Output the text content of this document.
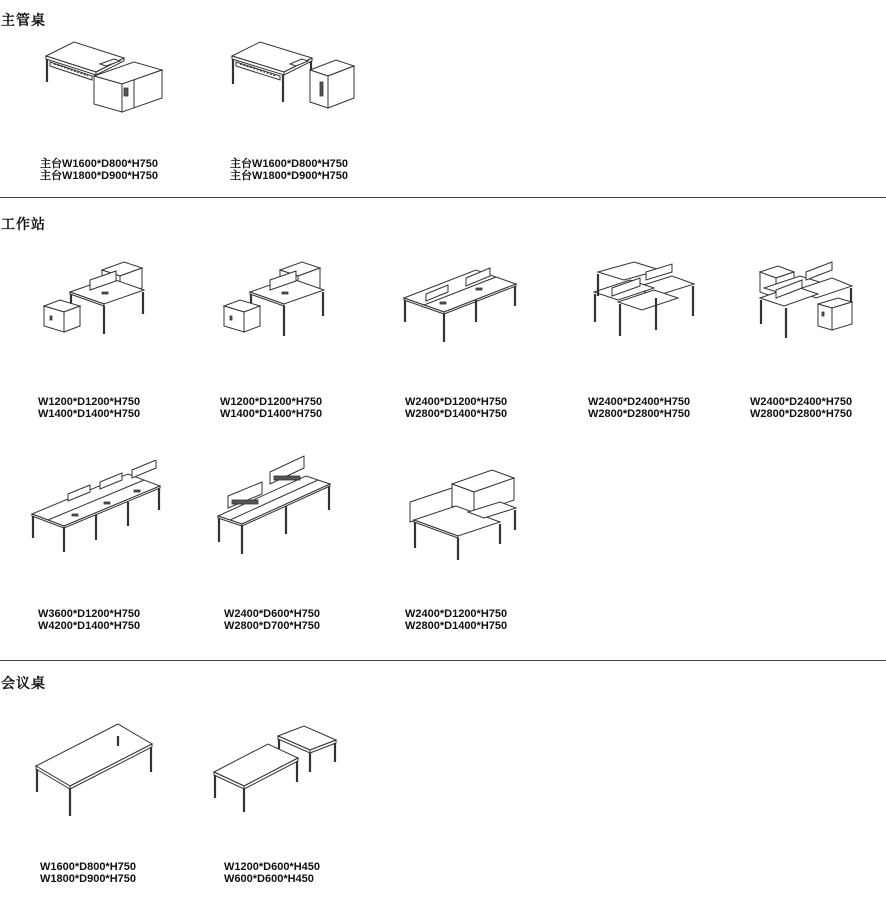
主管桌
主台W1600*D800*H750
主台W1800*D900*H750
主台W1600*D800*H750
主台W1800*D900*H750
工作站
W1200*D1200*H750
W1400*D1400*H750
W1200*D1200*H750
W1400*D1400*H750
W2400*D1200*H750
W2800*D1400*H750
W2400*D2400*H750
W2800*D2800*H750
W2400*D2400*H750
W2800*D2800*H750
W3600*D1200*H750
W4200*D1400*H750
W2400*D600*H750
W2800*D700*H750
W2400*D1200*H750
W2800*D1400*H750
会议桌
W1600*D800*H750
W1800*D900*H750
W1200*D600*H450
W600*D600*H450
